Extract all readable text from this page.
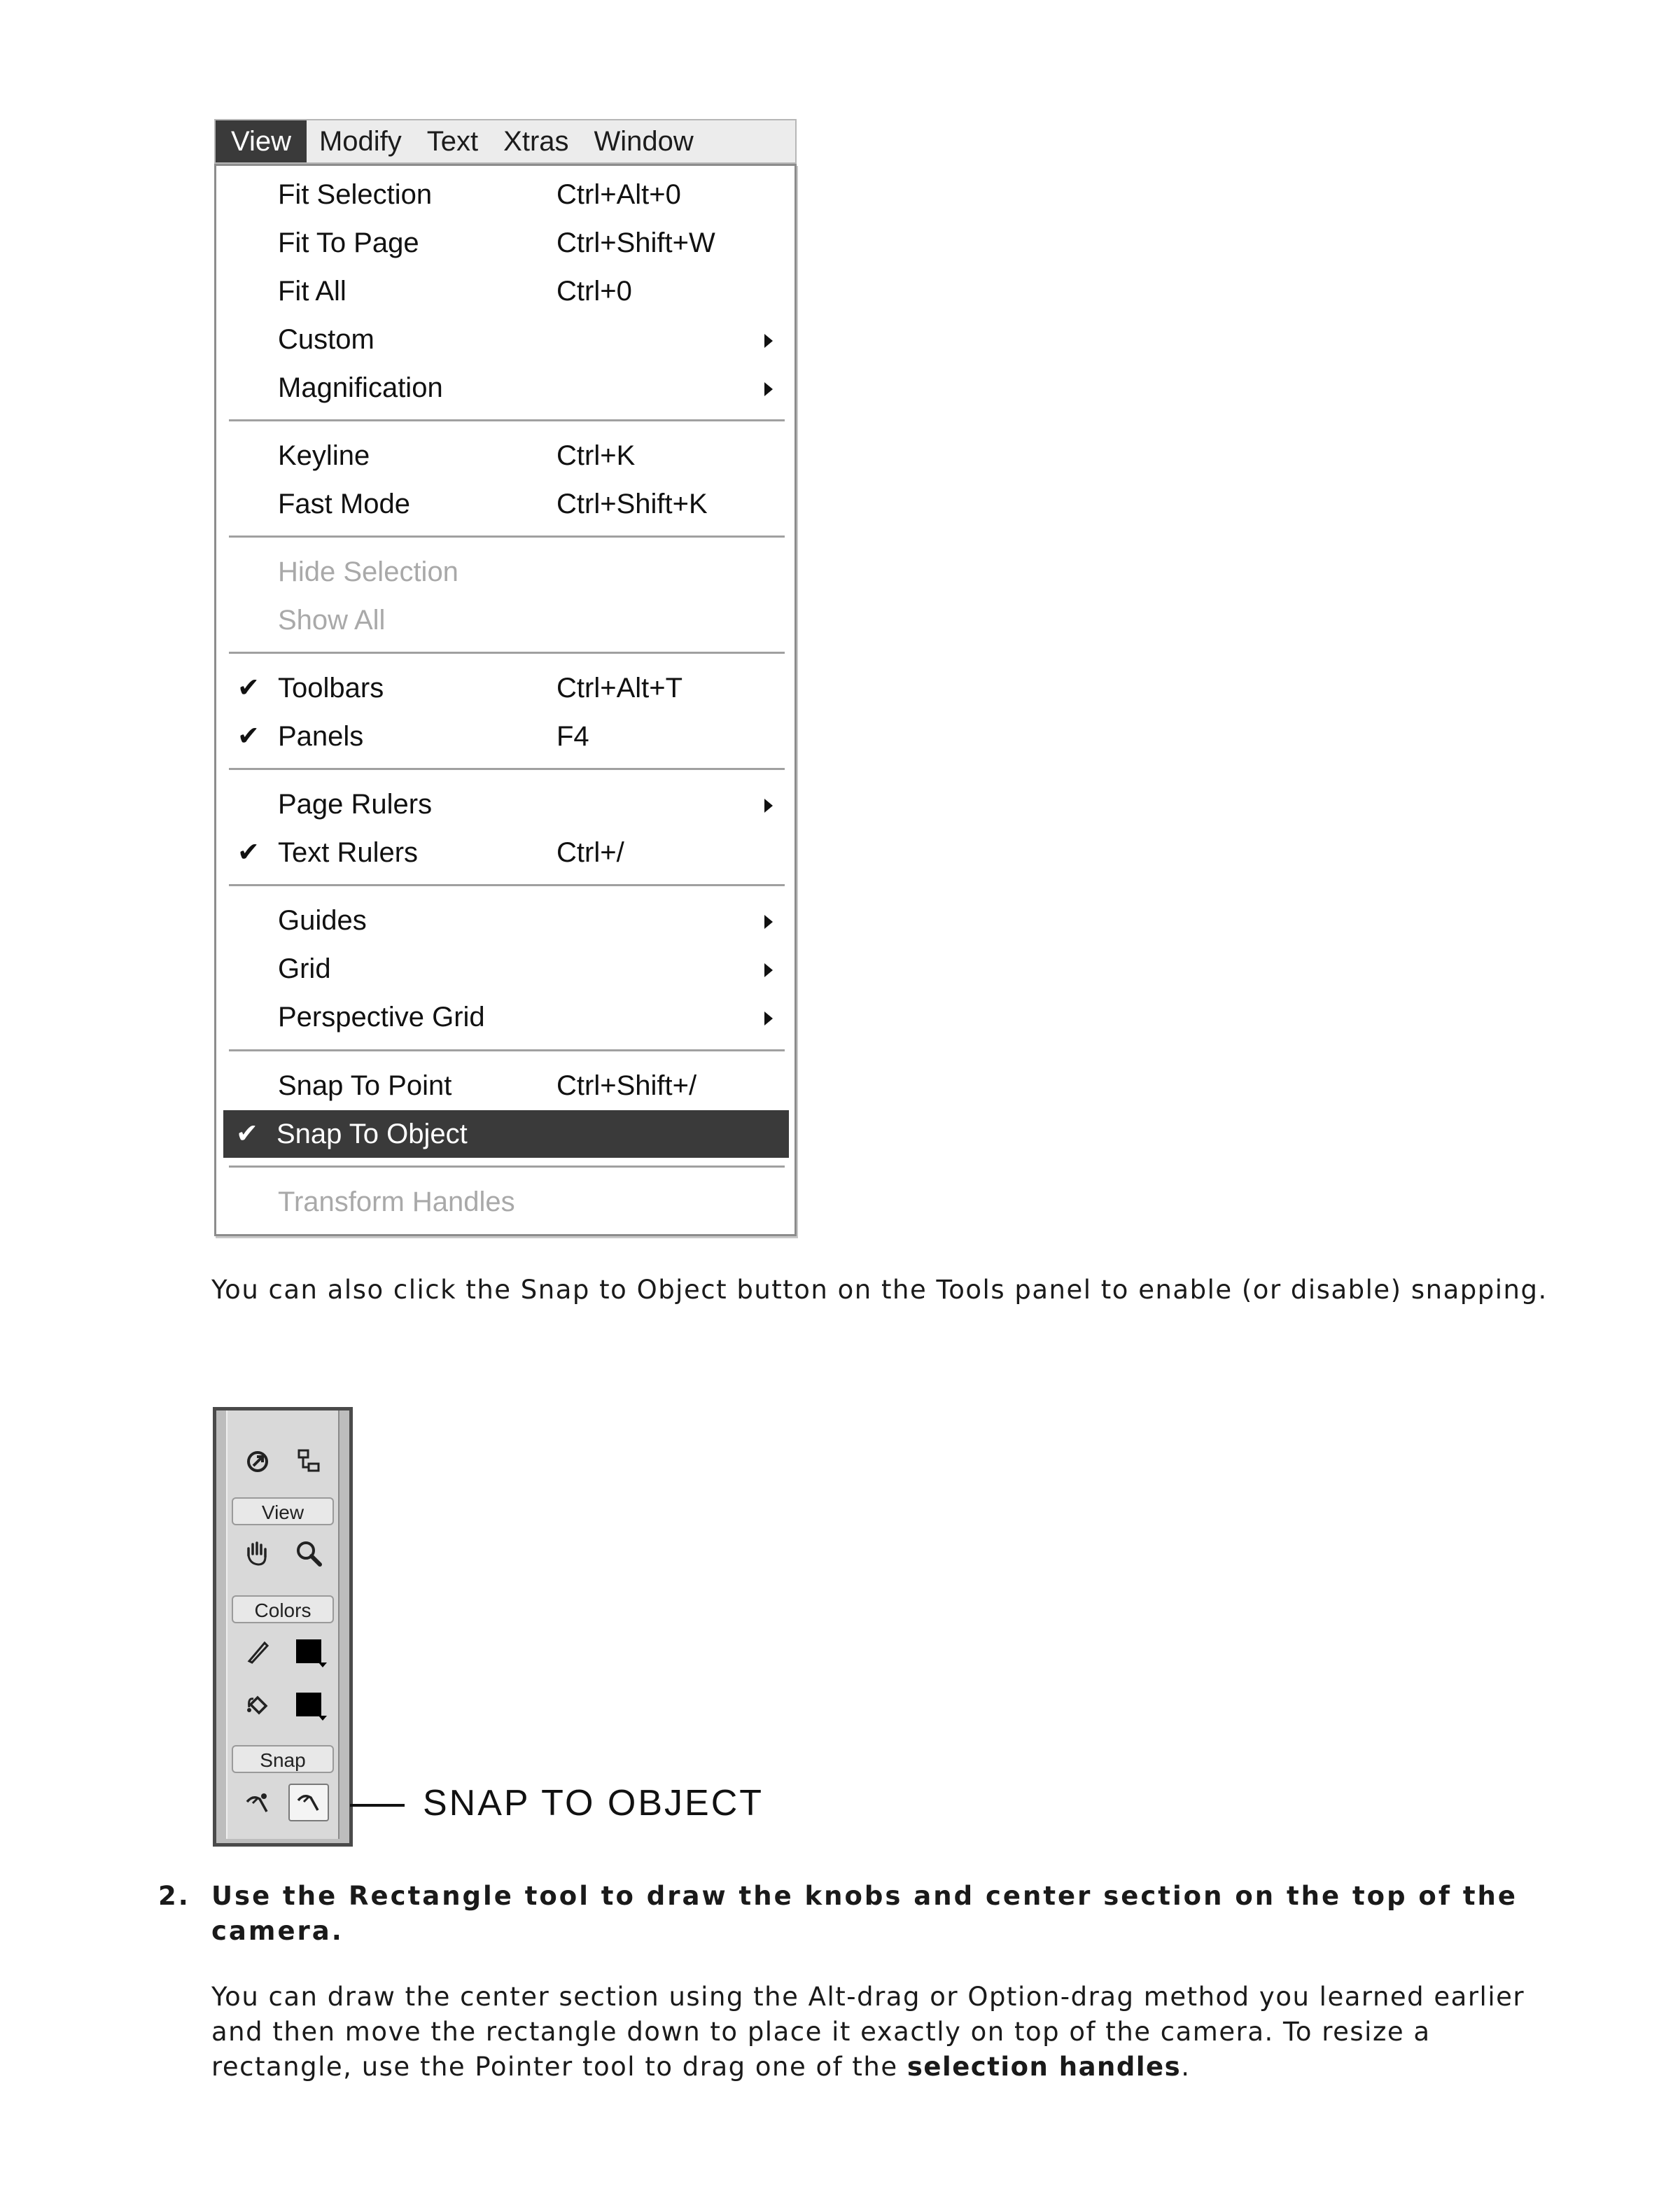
View	Modify Text Xtras Window
Fit Selection	Ctrl+Alt+0
Fit To Page	Ctrl+Shift+W
Fit All	Ctrl+0
Custom
Magnification
Keyline	Ctrl+K
Fast Mode	Ctrl+Shift+K
Hide Selection
Show All
✔ Toolbars	Ctrl+Alt+T
✔ Panels	F4
Page Rulers
✔ Text Rulers	Ctrl+/
Guides
Grid
Perspective Grid
Snap To Point	Ctrl+Shift+/
✔ Snap To Object
Transform Handles

You can also click the Snap to Object button on the Tools panel to enable (or disable) snapping.

View
Colors
Snap
SNAP TO OBJECT
2. Use the Rectangle tool to draw the knobs and center section on the top of the camera.

You can draw the center section using the Alt-drag or Option-drag method you learned earlier and then move the rectangle down to place it exactly on top of the camera. To resize a rectangle, use the Pointer tool to drag one of the selection handles.
